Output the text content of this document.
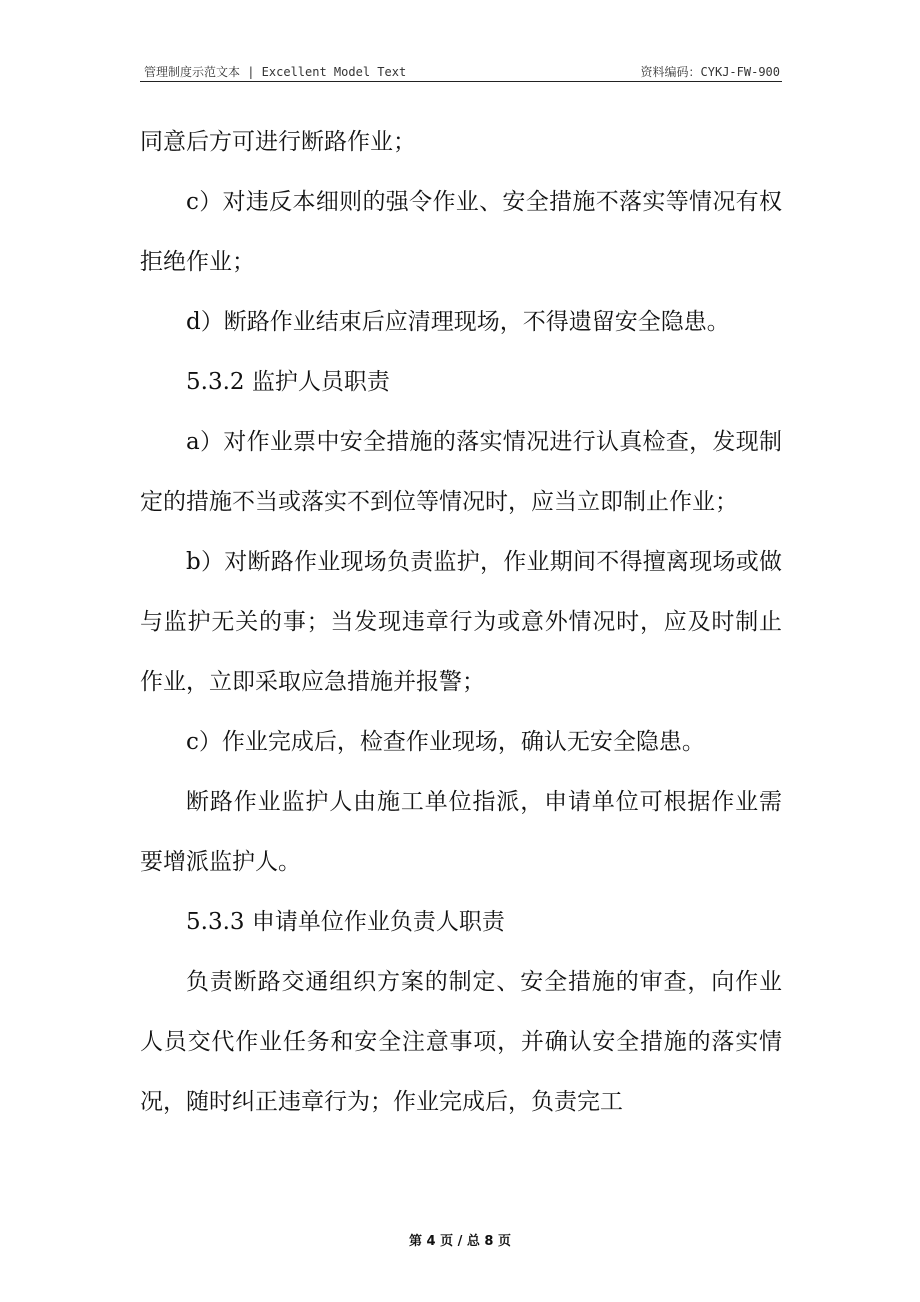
管理制度示范文本 | Excellent Model Text	资料编码：CYKJ-FW-900

同意后方可进行断路作业；

c）对违反本细则的强令作业、安全措施不落实等情况有权拒绝作业；

d）断路作业结束后应清理现场，不得遗留安全隐患。

5.3.2 监护人员职责

a）对作业票中安全措施的落实情况进行认真检查，发现制定的措施不当或落实不到位等情况时，应当立即制止作业；

b）对断路作业现场负责监护，作业期间不得擅离现场或做与监护无关的事；当发现违章行为或意外情况时，应及时制止作业，立即采取应急措施并报警；

c）作业完成后，检查作业现场，确认无安全隐患。

断路作业监护人由施工单位指派，申请单位可根据作业需要增派监护人。

5.3.3 申请单位作业负责人职责

负责断路交通组织方案的制定、安全措施的审查，向作业人员交代作业任务和安全注意事项，并确认安全措施的落实情况，随时纠正违章行为；作业完成后，负责完工

第 4 页 / 总 8 页
